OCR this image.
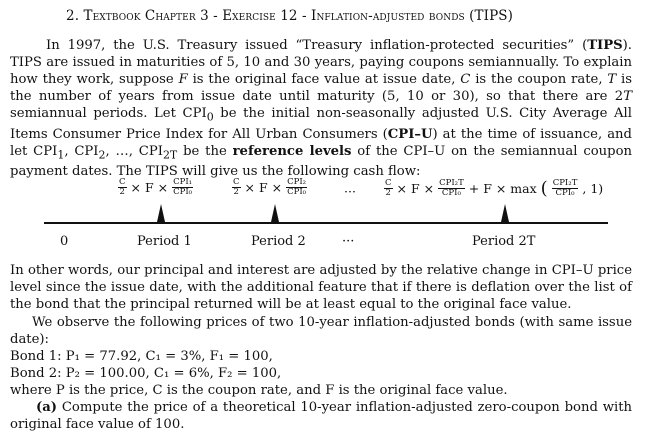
2. Textbook Chapter 3 - Exercise 12 - Inflation-adjusted bonds (TIPS)
In 1997, the U.S. Treasury issued “Treasury inflation-protected securities” (TIPS). TIPS are issued in maturities of 5, 10 and 30 years, paying coupons semiannually. To explain how they work, suppose F is the original face value at issue date, C is the coupon rate, T is the number of years from issue date until maturity (5, 10 or 30), so that there are 2T semiannual periods. Let $CPI_0$ be the initial non-seasonally adjusted U.S. City Average All Items Consumer Price Index for All Urban Consumers (CPI–U) at the time of issuance, and let $CPI_1$, $CPI_2$, …, $CPI_{2T}$ be the reference levels of the CPI–U on the semiannual coupon payment dates. The TIPS will give us the following cash flow:
$\frac{C}{2} \times F \times \frac{\text{CPI₁}}{\text{CPI₀}}$	$\frac{C}{2} \times F \times \frac{\text{CPI₂}}{\text{CPI₀}}$	···	$\frac{C}{2} \times F \times \frac{\text{CPI₂T}}{\text{CPI₀}} + F \times \max$ ( $\frac{\text{CPI₂T}}{\text{CPI₀}}$ , 1)
0	Period 1	Period 2	···	Period 2T
In other words, our principal and interest are adjusted by the relative change in CPI–U price level since the issue date, with the additional feature that if there is deflation over the list of the bond that the principal returned will be at least equal to the original face value.
We observe the following prices of two 10-year inflation-adjusted bonds (with same issue date):
Bond 1: P₁ = 77.92, C₁ = 3%, F₁ = 100,
Bond 2: P₂ = 100.00, C₁ = 6%, F₂ = 100,
where P is the price, C is the coupon rate, and F is the original face value.
(a) Compute the price of a theoretical 10-year inflation-adjusted zero-coupon bond with original face value of 100.
